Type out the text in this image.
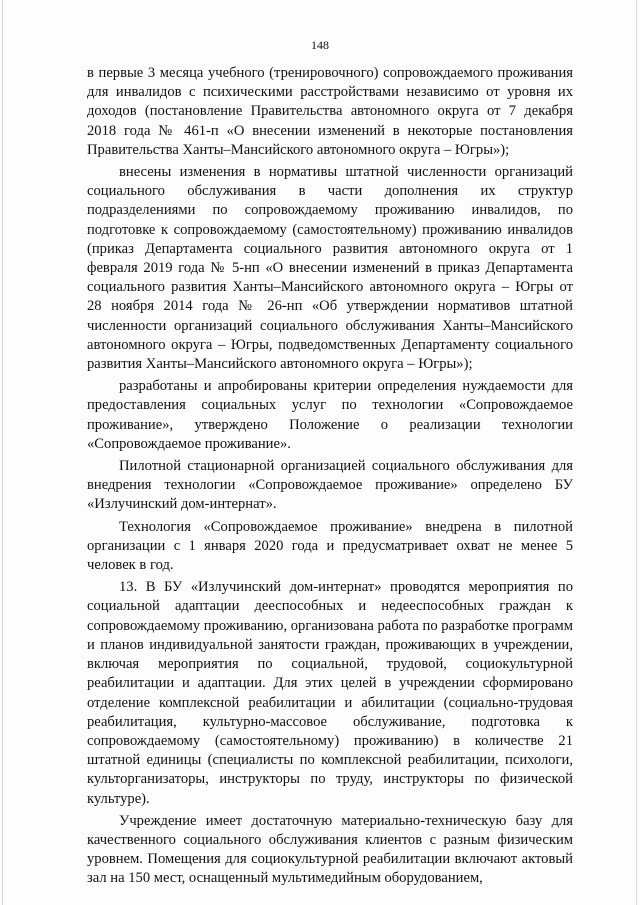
148

в первые 3 месяца учебного (тренировочного) сопровождаемого проживания для инвалидов с психическими расстройствами независимо от уровня их доходов (постановление Правительства автономного округа от 7 декабря 2018 года № 461-п «О внесении изменений в некоторые постановления Правительства Ханты–Мансийского автономного округа – Югры»);

внесены изменения в нормативы штатной численности организаций социального обслуживания в части дополнения их структур подразделениями по сопровождаемому проживанию инвалидов, по подготовке к сопровождаемому (самостоятельному) проживанию инвалидов (приказ Департамента социального развития автономного округа от 1 февраля 2019 года № 5-нп «О внесении изменений в приказ Департамента социального развития Ханты–Мансийского автономного округа – Югры от 28 ноября 2014 года № 26-нп «Об утверждении нормативов штатной численности организаций социального обслуживания Ханты–Мансийского автономного округа – Югры, подведомственных Департаменту социального развития Ханты–Мансийского автономного округа – Югры»);

разработаны и апробированы критерии определения нуждаемости для предоставления социальных услуг по технологии «Сопровождаемое проживание», утверждено Положение о реализации технологии «Сопровождаемое проживание».

Пилотной стационарной организацией социального обслуживания для внедрения технологии «Сопровождаемое проживание» определено БУ «Излучинский дом-интернат».

Технология «Сопровождаемое проживание» внедрена в пилотной организации с 1 января 2020 года и предусматривает охват не менее 5 человек в год.

13. В БУ «Излучинский дом-интернат» проводятся мероприятия по социальной адаптации дееспособных и недееспособных граждан к сопровождаемому проживанию, организована работа по разработке программ и планов индивидуальной занятости граждан, проживающих в учреждении, включая мероприятия по социальной, трудовой, социокультурной реабилитации и адаптации. Для этих целей в учреждении сформировано отделение комплексной реабилитации и абилитации (социально-трудовая реабилитация, культурно-массовое обслуживание, подготовка к сопровождаемому (самостоятельному) проживанию) в количестве 21 штатной единицы (специалисты по комплексной реабилитации, психологи, культорганизаторы, инструкторы по труду, инструкторы по физической культуре).

Учреждение имеет достаточную материально-техническую базу для качественного социального обслуживания клиентов с разным физическим уровнем. Помещения для социокультурной реабилитации включают актовый зал на 150 мест, оснащенный мультимедийным оборудованием,
